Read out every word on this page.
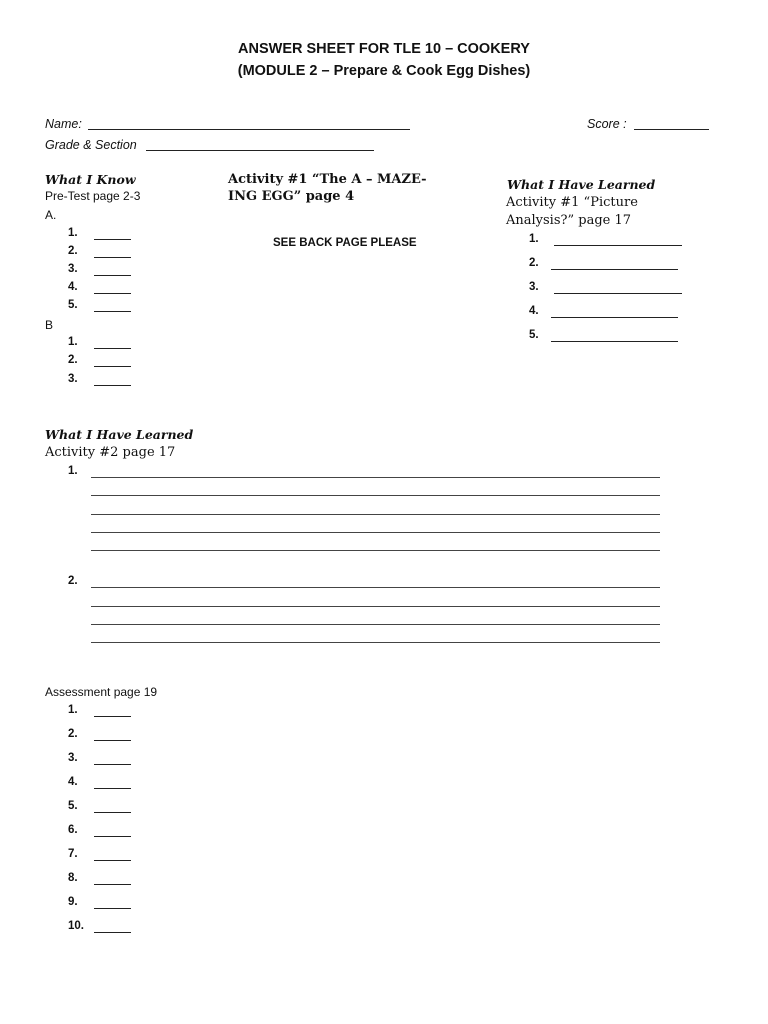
ANSWER SHEET FOR TLE 10 – COOKERY
(MODULE 2 – Prepare & Cook Egg Dishes)
Name:	Score :
Grade & Section
What I Know
Pre-Test page 2-3
A.
1.
2.
3.
4.
5.
B
1.
2.
3.
Activity #1 “The A – MAZE-
ING EGG” page 4
SEE BACK PAGE PLEASE
What I Have Learned
Activity #1 “Picture
Analysis?” page 17
1.
2.
3.
4.
5.
What I Have Learned
Activity #2 page 17
1.
2.
Assessment page 19
1.
2.
3.
4.
5.
6.
7.
8.
9.
10.
